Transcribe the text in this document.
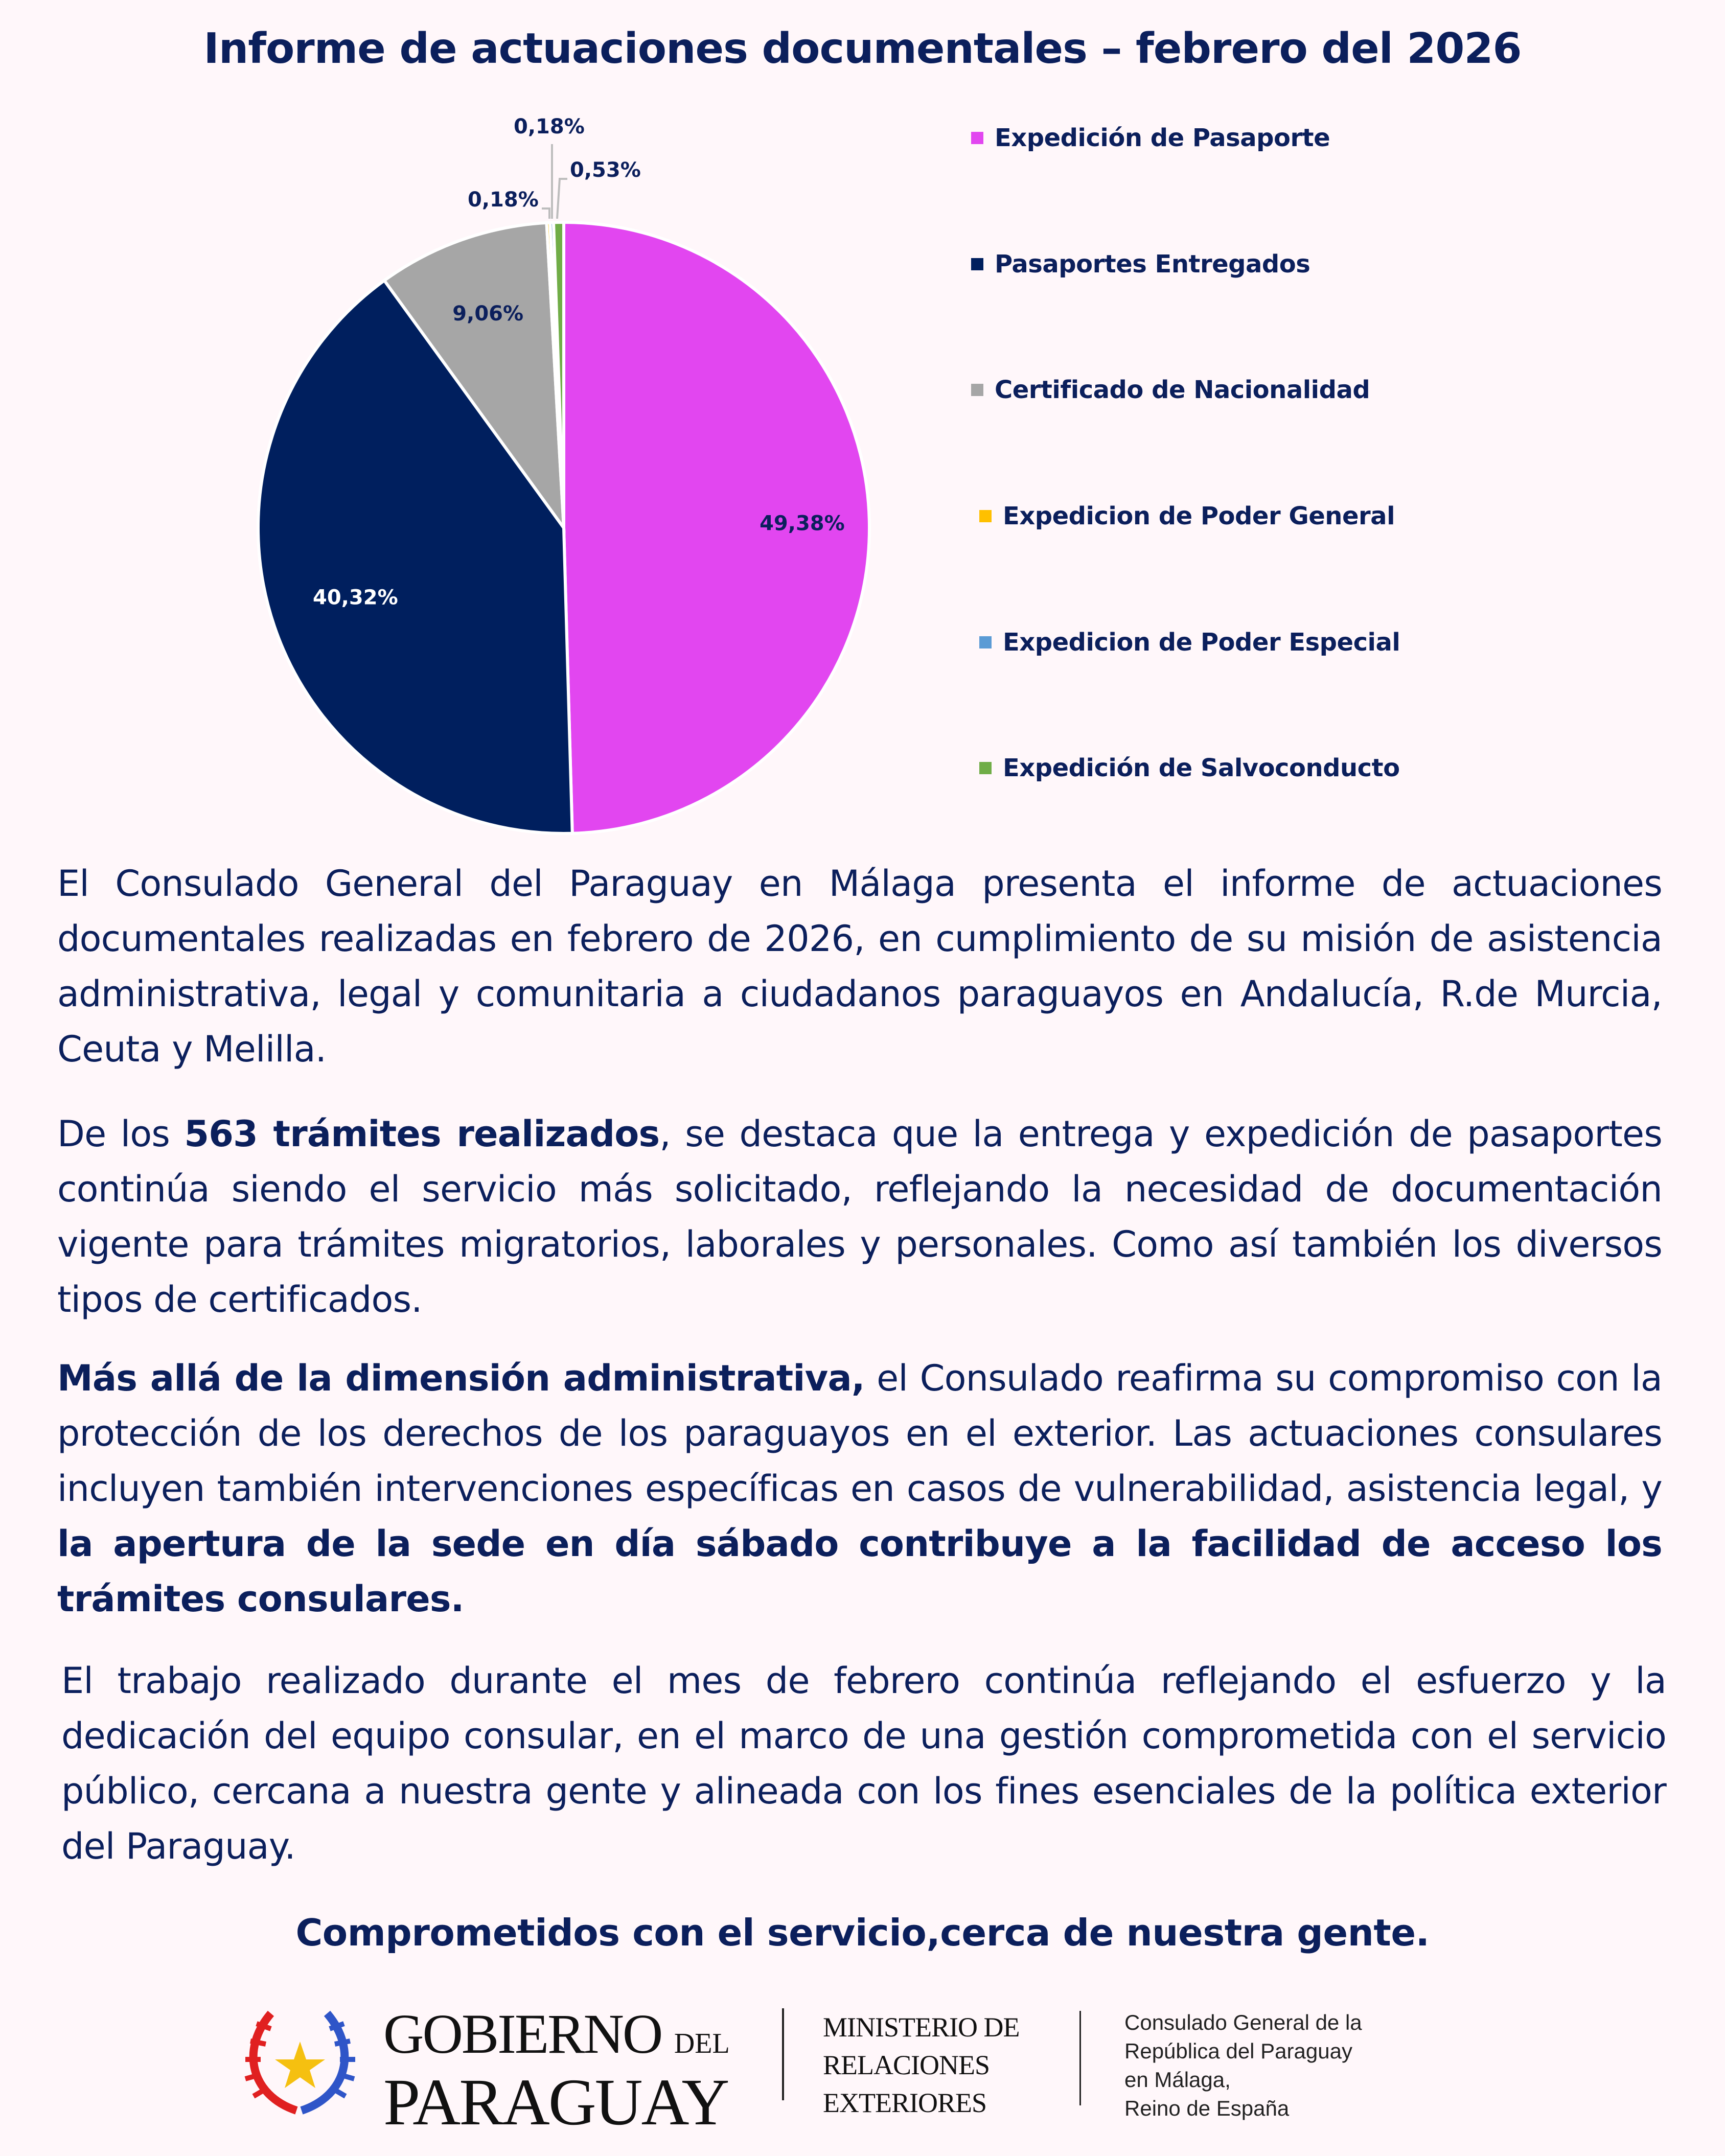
Informe de actuaciones documentales – febrero del 2026
49,38%
40,32%
9,06%
0,18%
0,18%
0,53%
Expedición de Pasaporte
Pasaportes Entregados
Certificado de Nacionalidad
Expedicion de Poder General
Expedicion de Poder Especial
Expedición de Salvoconducto
El Consulado General del Paraguay en Málaga presenta el informe de actuaciones documentales realizadas en febrero de 2026, en cumplimiento de su misión de asistencia administrativa, legal y comunitaria a ciudadanos paraguayos en Andalucía, R.de Murcia, Ceuta y Melilla.
De los 563 trámites realizados, se destaca que la entrega y expedición de pasaportes continúa siendo el servicio más solicitado, reflejando la necesidad de documentación vigente para trámites migratorios, laborales y personales. Como así también los diversos tipos de certificados.
Más allá de la dimensión administrativa, el Consulado reafirma su compromiso con la protección de los derechos de los paraguayos en el exterior. Las actuaciones consulares incluyen también intervenciones específicas en casos de vulnerabilidad, asistencia legal, y la apertura de la sede en día sábado contribuye a la facilidad de acceso los trámites consulares.
El trabajo realizado durante el mes de febrero continúa reflejando el esfuerzo y la dedicación del equipo consular, en el marco de una gestión comprometida con el servicio público, cercana a nuestra gente y alineada con los fines esenciales de la política exterior del Paraguay.
Comprometidos con el servicio,cerca de nuestra gente.
GOBIERNO DEL
PARAGUAY
MINISTERIO DE
RELACIONES
EXTERIORES
Consulado General de la
República del Paraguay
en Málaga,
Reino de España
